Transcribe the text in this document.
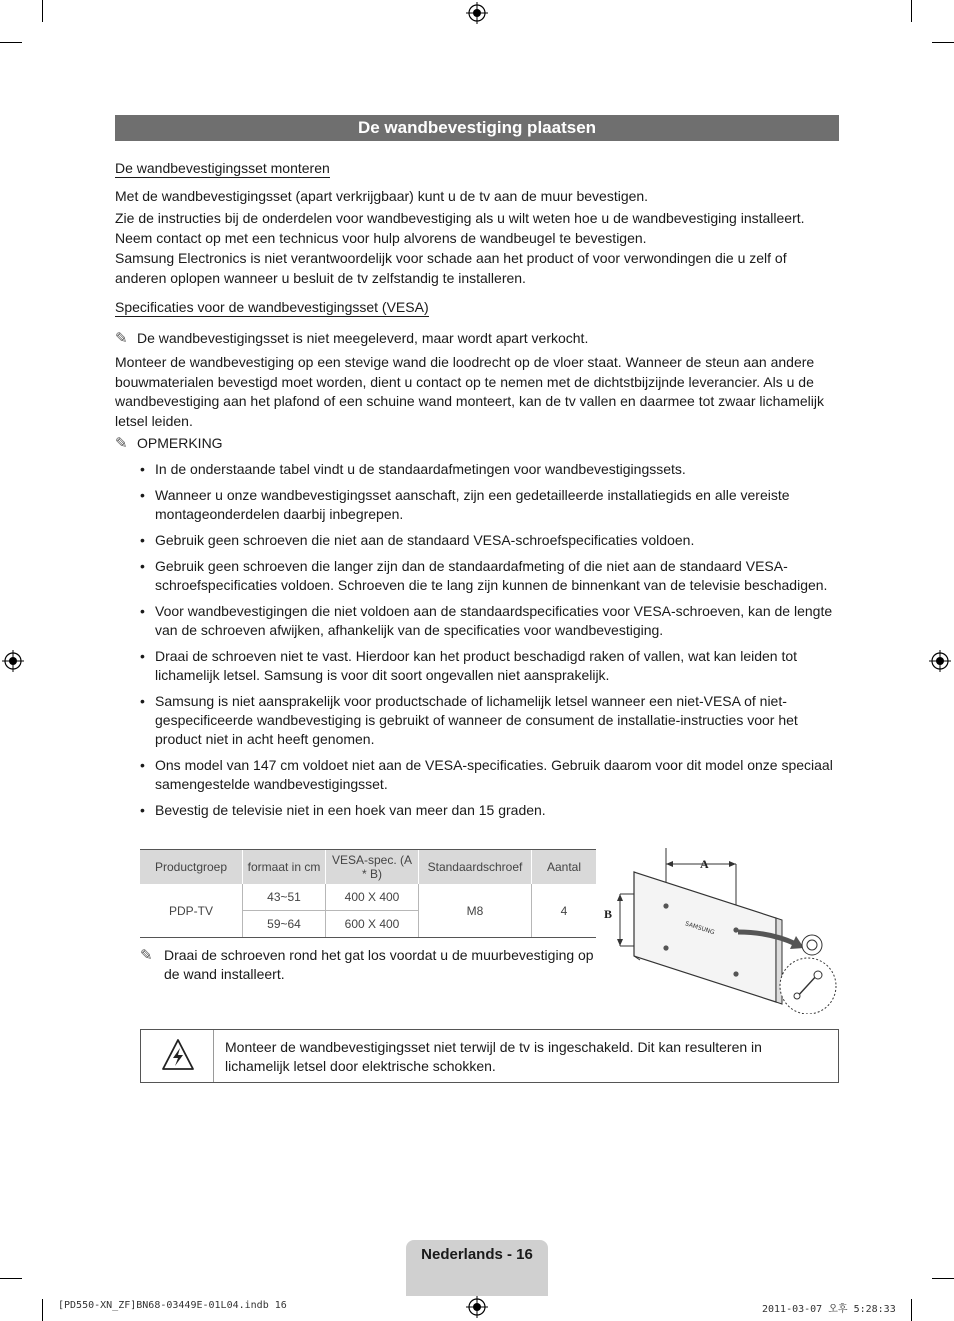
De wandbevestiging plaatsen
De wandbevestigingsset monteren
Met de wandbevestigingsset (apart verkrijgbaar) kunt u de tv aan de muur bevestigen.
Zie de instructies bij de onderdelen voor wandbevestiging als u wilt weten hoe u de wandbevestiging installeert. Neem contact op met een technicus voor hulp alvorens de wandbeugel te bevestigen.
Samsung Electronics is niet verantwoordelijk voor schade aan het product of voor verwondingen die u zelf of anderen oplopen wanneer u besluit de tv zelfstandig te installeren.
Specificaties voor de wandbevestigingsset (VESA)
✎ De wandbevestigingsset is niet meegeleverd, maar wordt apart verkocht.
Monteer de wandbevestiging op een stevige wand die loodrecht op de vloer staat. Wanneer de steun aan andere bouwmaterialen bevestigd moet worden, dient u contact op te nemen met de dichtstbijzijnde leverancier. Als u de wandbevestiging aan het plafond of een schuine wand monteert, kan de tv vallen en daarmee tot zwaar lichamelijk letsel leiden.
✎ OPMERKING
• In de onderstaande tabel vindt u de standaardafmetingen voor wandbevestigingssets.
• Wanneer u onze wandbevestigingsset aanschaft, zijn een gedetailleerde installatiegids en alle vereiste montageonderdelen daarbij inbegrepen.
• Gebruik geen schroeven die niet aan de standaard VESA-schroefspecificaties voldoen.
• Gebruik geen schroeven die langer zijn dan de standaardafmeting of die niet aan de standaard VESA-schroefspecificaties voldoen. Schroeven die te lang zijn kunnen de binnenkant van de televisie beschadigen.
• Voor wandbevestigingen die niet voldoen aan de standaardspecificaties voor VESA-schroeven, kan de lengte van de schroeven afwijken, afhankelijk van de specificaties voor wandbevestiging.
• Draai de schroeven niet te vast. Hierdoor kan het product beschadigd raken of vallen, wat kan leiden tot lichamelijk letsel. Samsung is voor dit soort ongevallen niet aansprakelijk.
• Samsung is niet aansprakelijk voor productschade of lichamelijk letsel wanneer een niet-VESA of niet-gespecificeerde wandbevestiging is gebruikt of wanneer de consument de installatie-instructies voor het product niet in acht heeft genomen.
• Ons model van 147 cm voldoet niet aan de VESA-specificaties. Gebruik daarom voor dit model onze speciaal samengestelde wandbevestigingsset.
• Bevestig de televisie niet in een hoek van meer dan 15 graden.
Productgroep	formaat in cm	VESA-spec. (A * B)	Standaardschroef	Aantal
PDP-TV	43~51	400 X 400	M8	4
	59~64	600 X 400		
✎ Draai de schroeven rond het gat los voordat u de muurbevestiging op de wand installeert.
A
B
SAMSUNG
Monteer de wandbevestigingsset niet terwijl de tv is ingeschakeld. Dit kan resulteren in lichamelijk letsel door elektrische schokken.
Nederlands - 16
[PD550-XN_ZF]BN68-03449E-01L04.indb 16	2011-03-07 오후 5:28:33
